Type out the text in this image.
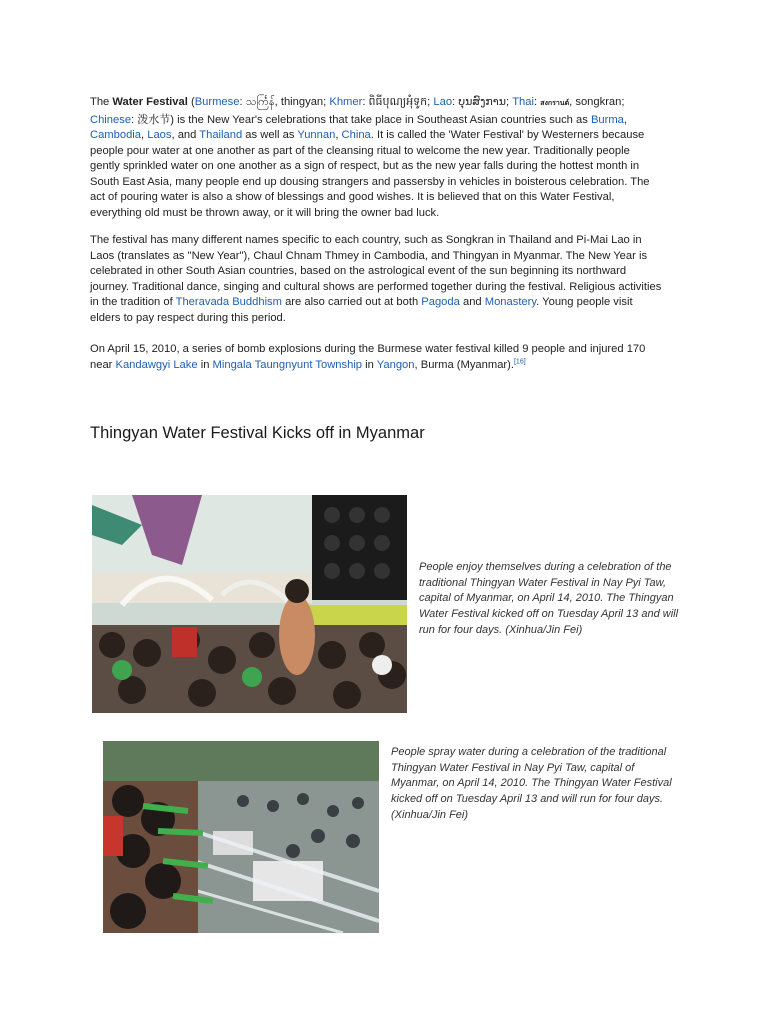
The Water Festival (Burmese: သင်္ကြန်, thingyan; Khmer: ពិធីបុណ្យអុំទូក; Lao: ບຸນສົງການ; Thai: สงกรานต์, songkran; Chinese: 泼水节) is the New Year's celebrations that take place in Southeast Asian countries such as Burma, Cambodia, Laos, and Thailand as well as Yunnan, China. It is called the 'Water Festival' by Westerners because people pour water at one another as part of the cleansing ritual to welcome the new year. Traditionally people gently sprinkled water on one another as a sign of respect, but as the new year falls during the hottest month in South East Asia, many people end up dousing strangers and passersby in vehicles in boisterous celebration. The act of pouring water is also a show of blessings and good wishes. It is believed that on this Water Festival, everything old must be thrown away, or it will bring the owner bad luck.

The festival has many different names specific to each country, such as Songkran in Thailand and Pi-Mai Lao in Laos (translates as "New Year"), Chaul Chnam Thmey in Cambodia, and Thingyan in Myanmar. The New Year is celebrated in other South Asian countries, based on the astrological event of the sun beginning its northward journey. Traditional dance, singing and cultural shows are performed together during the festival. Religious activities in the tradition of Theravada Buddhism are also carried out at both Pagoda and Monastery. Young people visit elders to pay respect during this period.

On April 15, 2010, a series of bomb explosions during the Burmese water festival killed 9 people and injured 170 near Kandawgyi Lake in Mingala Taungnyunt Township in Yangon, Burma (Myanmar).[16]

Thingyan Water Festival Kicks off in Myanmar

People enjoy themselves during a celebration of the traditional Thingyan Water Festival in Nay Pyi Taw, capital of Myanmar, on April 14, 2010. The Thingyan Water Festival kicked off on Tuesday April 13 and will run for four days. (Xinhua/Jin Fei)

People spray water during a celebration of the traditional Thingyan Water Festival in Nay Pyi Taw, capital of Myanmar, on April 14, 2010. The Thingyan Water Festival kicked off on Tuesday April 13 and will run for four days. (Xinhua/Jin Fei)
